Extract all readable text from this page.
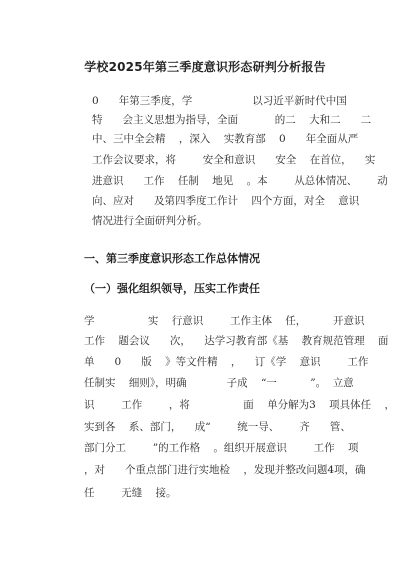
学校2025年第三季度意识形态研判分析报告
0      年第三季度，学                  以习近平新时代中国
特      会主义思想为指导，全面           的二    大和二      二
中、三中全会精    ，深入    实教育部    0      年全面从严
工作会议要求，将        安全和意识      安全    在首位，    实
进意识      工作    任制    地见    。本        从总体情况、      动
向、应对      及第四季度工作计    四个方面，对全    意识
情况进行全面研判分析。
一、第三季度意识形态工作总体情况
（一）强化组织领导，压实工作责任
学                实    行意识        工作主体    任，        开意识
工作    题会议      次，    达学习教育部《基    教育规范管理    面
单      0      版    》等文件精    ，    订《学    意识        工作
任制实    细则》，明确            子成    “一          ”。  立意
识        工作        ，将                面    单分解为3    项具体任    ，
实到各    系、部门，    成“        统一导、      齐      管、
部门分工        ”的工作格    。组织开展意识        工作    项
，对      个重点部门进行实地检    ，发现并整改问题4项，确
任        无缝    接。
